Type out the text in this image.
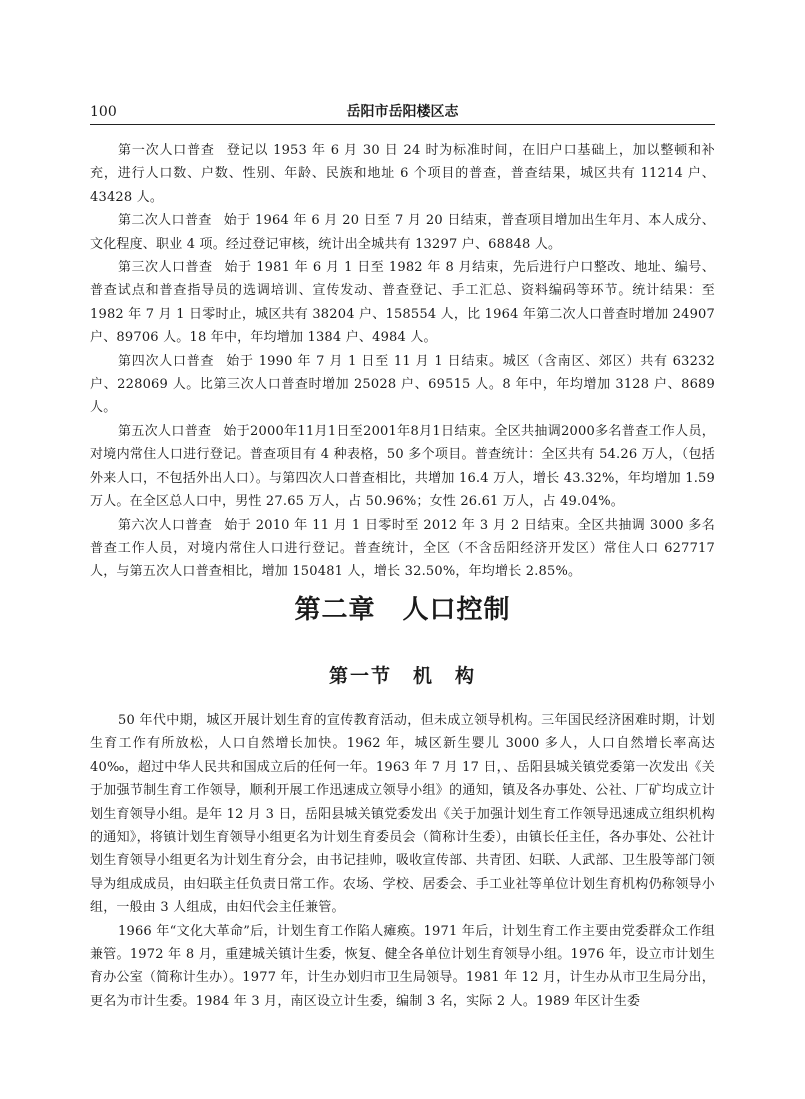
100	岳阳市岳阳楼区志

第一次人口普查 登记以 1953 年 6 月 30 日 24 时为标准时间，在旧户口基础上，加以整顿和补充，进行人口数、户数、性别、年龄、民族和地址 6 个项目的普查，普查结果，城区共有 11214 户、43428 人。

第二次人口普查 始于 1964 年 6 月 20 日至 7 月 20 日结束，普查项目增加出生年月、本人成分、文化程度、职业 4 项。经过登记审核，统计出全城共有 13297 户、68848 人。

第三次人口普查 始于 1981 年 6 月 1 日至 1982 年 8 月结束，先后进行户口整改、地址、编号、普查试点和普查指导员的选调培训、宣传发动、普查登记、手工汇总、资料编码等环节。统计结果：至 1982 年 7 月 1 日零时止，城区共有 38204 户、158554 人，比 1964 年第二次人口普查时增加 24907 户、89706 人。18 年中，年均增加 1384 户、4984 人。

第四次人口普查 始于 1990 年 7 月 1 日至 11 月 1 日结束。城区（含南区、郊区）共有 63232 户、228069 人。比第三次人口普查时增加 25028 户、69515 人。8 年中，年均增加 3128 户、8689 人。

第五次人口普查 始于2000年11月1日至2001年8月1日结束。全区共抽调2000多名普查工作人员，对境内常住人口进行登记。普查项目有 4 种表格，50 多个项目。普查统计：全区共有 54.26 万人，（包括外来人口，不包括外出人口）。与第四次人口普查相比，共增加 16.4 万人，增长 43.32%，年均增加 1.59 万人。在全区总人口中，男性 27.65 万人，占 50.96%；女性 26.61 万人，占 49.04%。

第六次人口普查 始于 2010 年 11 月 1 日零时至 2012 年 3 月 2 日结束。全区共抽调 3000 多名普查工作人员，对境内常住人口进行登记。普查统计，全区（不含岳阳经济开发区）常住人口 627717 人，与第五次人口普查相比，增加 150481 人，增长 32.50%，年均增长 2.85%。

第二章　人口控制
第一节　机　构

50 年代中期，城区开展计划生育的宣传教育活动，但未成立领导机构。三年国民经济困难时期，计划生育工作有所放松，人口自然增长加快。1962 年，城区新生婴儿 3000 多人，人口自然增长率高达 40‰，超过中华人民共和国成立后的任何一年。1963 年 7 月 17 日，、岳阳县城关镇党委第一次发出《关于加强节制生育工作领导，顺利开展工作迅速成立领导小组》的通知，镇及各办事处、公社、厂矿均成立计划生育领导小组。是年 12 月 3 日，岳阳县城关镇党委发出《关于加强计划生育工作领导迅速成立组织机构的通知》，将镇计划生育领导小组更名为计划生育委员会（简称计生委），由镇长任主任，各办事处、公社计划生育领导小组更名为计划生育分会，由书记挂帅，吸收宣传部、共青团、妇联、人武部、卫生股等部门领导为组成成员，由妇联主任负责日常工作。农场、学校、居委会、手工业社等单位计划生育机构仍称领导小组，一般由 3 人组成，由妇代会主任兼管。

1966 年“文化大革命”后，计划生育工作陷人瘫痪。1971 年后，计划生育工作主要由党委群众工作组兼管。1972 年 8 月，重建城关镇计生委，恢复、健全各单位计划生育领导小组。1976 年，设立市计划生育办公室（简称计生办）。1977 年，计生办划归市卫生局领导。1981 年 12 月，计生办从市卫生局分出，更名为市计生委。1984 年 3 月，南区设立计生委，编制 3 名，实际 2 人。1989 年区计生委
